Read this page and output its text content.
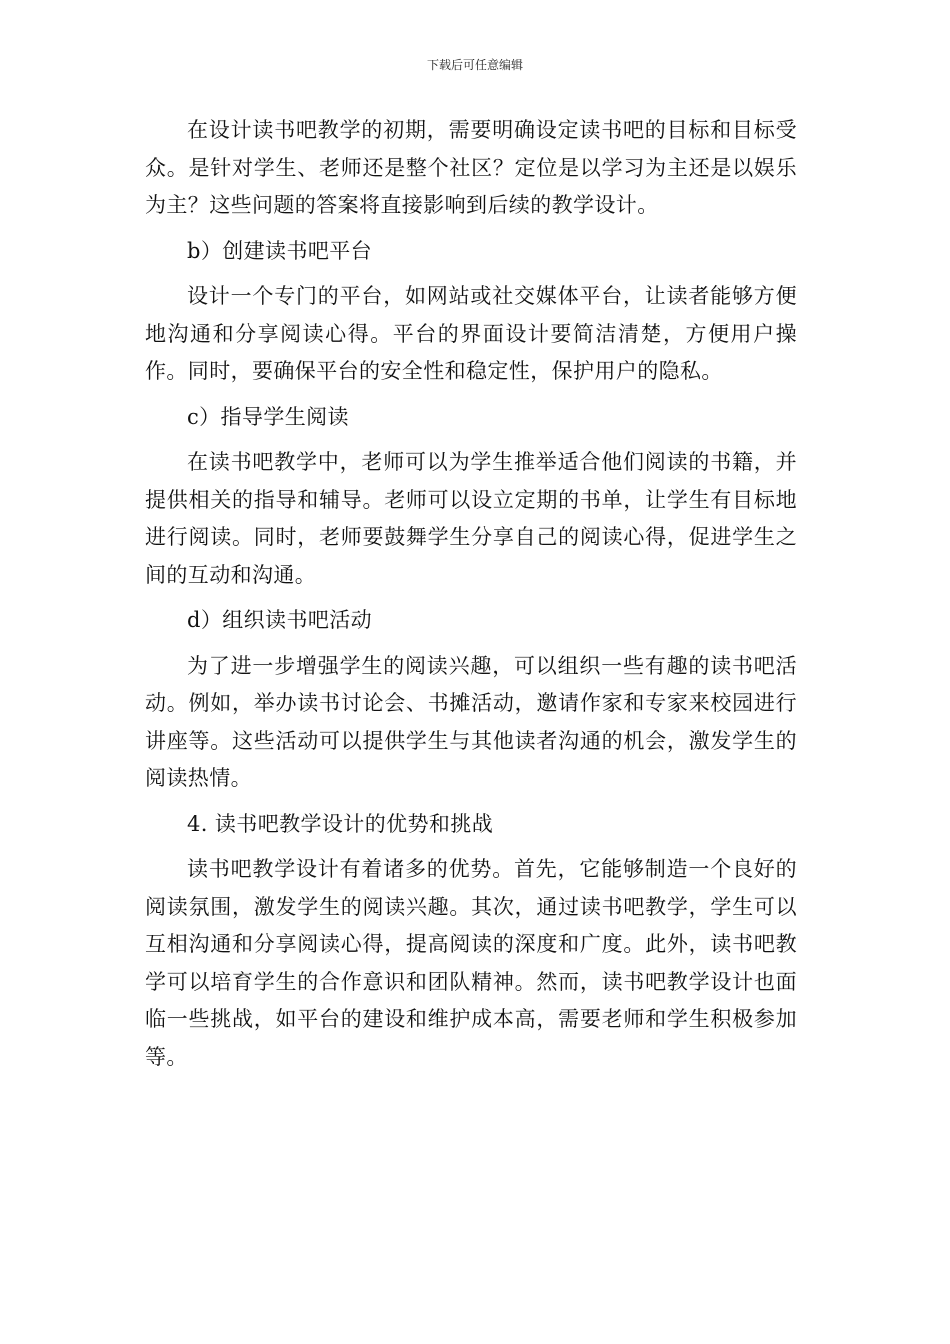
下载后可任意编辑

在设计读书吧教学的初期，需要明确设定读书吧的目标和目标受众。是针对学生、老师还是整个社区？定位是以学习为主还是以娱乐为主？这些问题的答案将直接影响到后续的教学设计。

b）创建读书吧平台

设计一个专门的平台，如网站或社交媒体平台，让读者能够方便地沟通和分享阅读心得。平台的界面设计要简洁清楚，方便用户操作。同时，要确保平台的安全性和稳定性，保护用户的隐私。

c）指导学生阅读

在读书吧教学中，老师可以为学生推举适合他们阅读的书籍，并提供相关的指导和辅导。老师可以设立定期的书单，让学生有目标地进行阅读。同时，老师要鼓舞学生分享自己的阅读心得，促进学生之间的互动和沟通。

d）组织读书吧活动

为了进一步增强学生的阅读兴趣，可以组织一些有趣的读书吧活动。例如，举办读书讨论会、书摊活动，邀请作家和专家来校园进行讲座等。这些活动可以提供学生与其他读者沟通的机会，激发学生的阅读热情。

4. 读书吧教学设计的优势和挑战

读书吧教学设计有着诸多的优势。首先，它能够制造一个良好的阅读氛围，激发学生的阅读兴趣。其次，通过读书吧教学，学生可以互相沟通和分享阅读心得，提高阅读的深度和广度。此外，读书吧教学可以培育学生的合作意识和团队精神。然而，读书吧教学设计也面临一些挑战，如平台的建设和维护成本高，需要老师和学生积极参加等。
